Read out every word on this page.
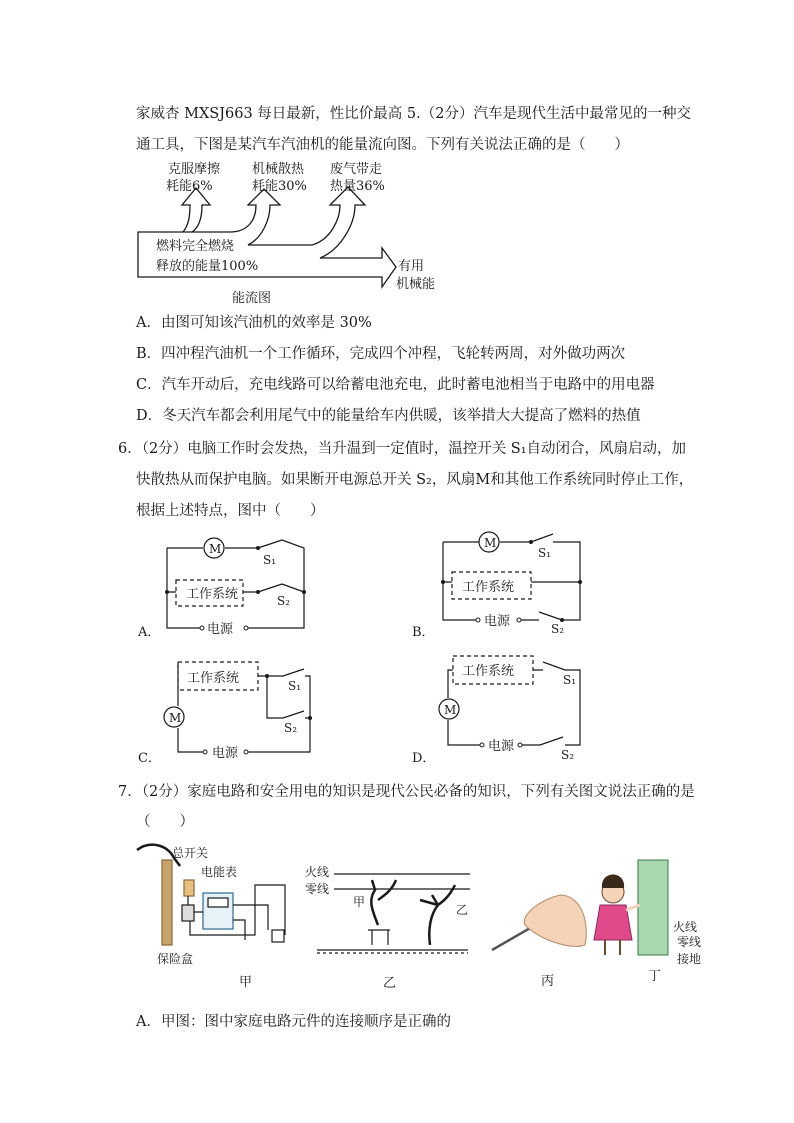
家威杏 MXSJ663 每日最新，性比价最高 5.（2分）汽车是现代生活中最常见的一种交
通工具，下图是某汽车汽油机的能量流向图。下列有关说法正确的是（　　）
克服摩擦
耗能6%
机械散热
耗能30%
废气带走
热量36%
燃料完全燃烧
释放的能量100%	有用
机械能
能流图
A．由图可知该汽油机的效率是 30%
B．四冲程汽油机一个工作循环，完成四个冲程，飞轮转两周，对外做功两次
C．汽车开动后，充电线路可以给蓄电池充电，此时蓄电池相当于电路中的用电器
D．冬天汽车都会利用尾气中的能量给车内供暖，该举措大大提高了燃料的热值
6．（2分）电脑工作时会发热，当升温到一定值时，温控开关 S₁自动闭合，风扇启动，加
快散热从而保护电脑。如果断开电源总开关 S₂，风扇M和其他工作系统同时停止工作，
根据上述特点，图中（　　）
M
S₁
工作系统	S₂
电源
A．
M
S₁
工作系统
电源	S₂
B．
工作系统	S₁
M
S₂
电源
C．
工作系统
S₁
M
电源
S₂
D．
7．（2分）家庭电路和安全用电的知识是现代公民必备的知识，下列有关图文说法正确的是
（　　）
总开关
电能表
保险盒
火线
零线
甲
乙
火线
零线
接地
甲	乙	丙	丁
A．甲图：图中家庭电路元件的连接顺序是正确的
